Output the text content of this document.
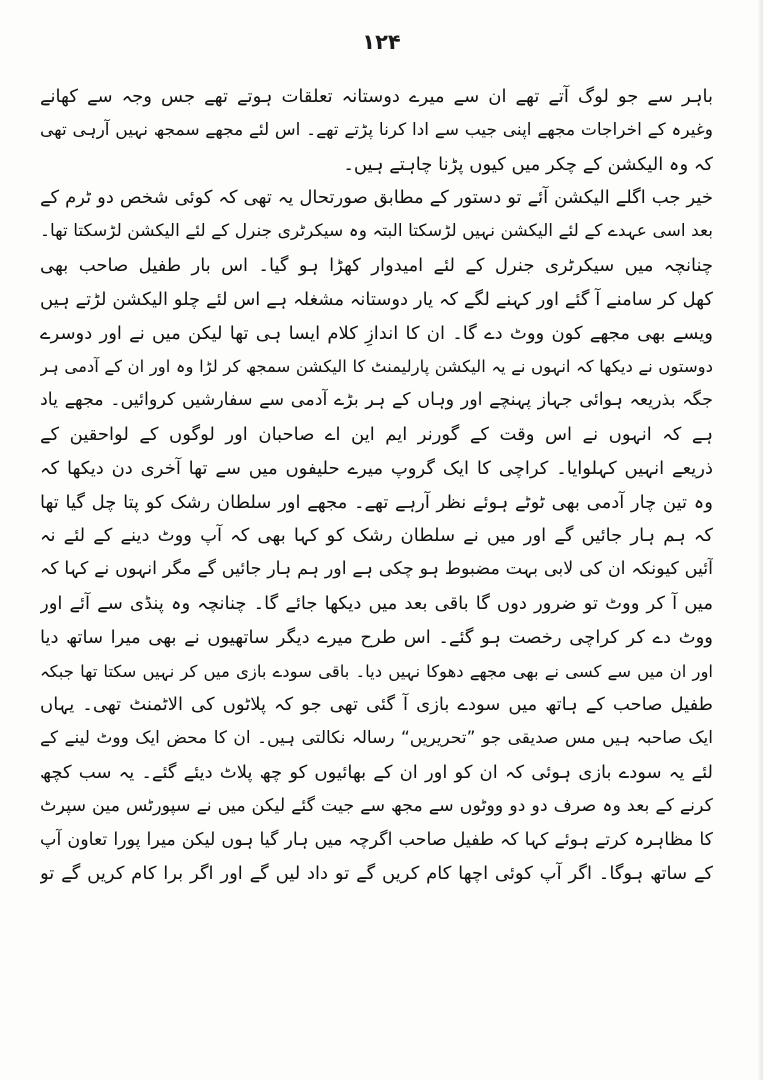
۱۲۴
باہر سے جو لوگ آتے تھے ان سے میرے دوستانہ تعلقات ہوتے تھے جس وجہ سے کھانے
وغیرہ کے اخراجات مجھے اپنی جیب سے ادا کرنا پڑتے تھے۔ اس لئے مجھے سمجھ نہیں آرہی تھی
کہ وہ الیکشن کے چکر میں کیوں پڑنا چاہتے ہیں۔
خیر جب اگلے الیکشن آئے تو دستور کے مطابق صورتحال یہ تھی کہ کوئی شخص دو ٹرم کے
بعد اسی عہدے کے لئے الیکشن نہیں لڑسکتا البتہ وہ سیکرٹری جنرل کے لئے الیکشن لڑسکتا تھا۔
چنانچہ میں سیکرٹری جنرل کے لئے امیدوار کھڑا ہو گیا۔ اس بار طفیل صاحب بھی
کھل کر سامنے آ گئے اور کہنے لگے کہ یار دوستانہ مشغلہ ہے اس لئے چلو الیکشن لڑتے ہیں
ویسے بھی مجھے کون ووٹ دے گا۔ ان کا اندازِ کلام ایسا ہی تھا لیکن میں نے اور دوسرے
دوستوں نے دیکھا کہ انہوں نے یہ الیکشن پارلیمنٹ کا الیکشن سمجھ کر لڑا وہ اور ان کے آدمی ہر
جگہ بذریعہ ہوائی جہاز پہنچے اور وہاں کے ہر بڑے آدمی سے سفارشیں کروائیں۔ مجھے یاد
ہے کہ انہوں نے اس وقت کے گورنر ایم این اے صاحبان اور لوگوں کے لواحقین کے
ذریعے انہیں کہلوایا۔ کراچی کا ایک گروپ میرے حلیفوں میں سے تھا آخری دن دیکھا کہ
وہ تین چار آدمی بھی ٹوٹے ہوئے نظر آرہے تھے۔ مجھے اور سلطان رشک کو پتا چل گیا تھا
کہ ہم ہار جائیں گے اور میں نے سلطان رشک کو کہا بھی کہ آپ ووٹ دینے کے لئے نہ
آئیں کیونکہ ان کی لابی بہت مضبوط ہو چکی ہے اور ہم ہار جائیں گے مگر انہوں نے کہا کہ
میں آ کر ووٹ تو ضرور دوں گا باقی بعد میں دیکھا جائے گا۔ چنانچہ وہ پنڈی سے آئے اور
ووٹ دے کر کراچی رخصت ہو گئے۔ اس طرح میرے دیگر ساتھیوں نے بھی میرا ساتھ دیا
اور ان میں سے کسی نے بھی مجھے دھوکا نہیں دیا۔ باقی سودے بازی میں کر نہیں سکتا تھا جبکہ
طفیل صاحب کے ہاتھ میں سودے بازی آ گئی تھی جو کہ پلاٹوں کی الاٹمنٹ تھی۔ یہاں
ایک صاحبہ ہیں مس صدیقی جو ”تحریریں“ رسالہ نکالتی ہیں۔ ان کا محض ایک ووٹ لینے کے
لئے یہ سودے بازی ہوئی کہ ان کو اور ان کے بھائیوں کو چھ پلاٹ دیئے گئے۔ یہ سب کچھ
کرنے کے بعد وہ صرف دو دو ووٹوں سے مجھ سے جیت گئے لیکن میں نے سپورٹس مین سپرٹ
کا مظاہرہ کرتے ہوئے کہا کہ طفیل صاحب اگرچہ میں ہار گیا ہوں لیکن میرا پورا تعاون آپ
کے ساتھ ہوگا۔ اگر آپ کوئی اچھا کام کریں گے تو داد لیں گے اور اگر برا کام کریں گے تو
